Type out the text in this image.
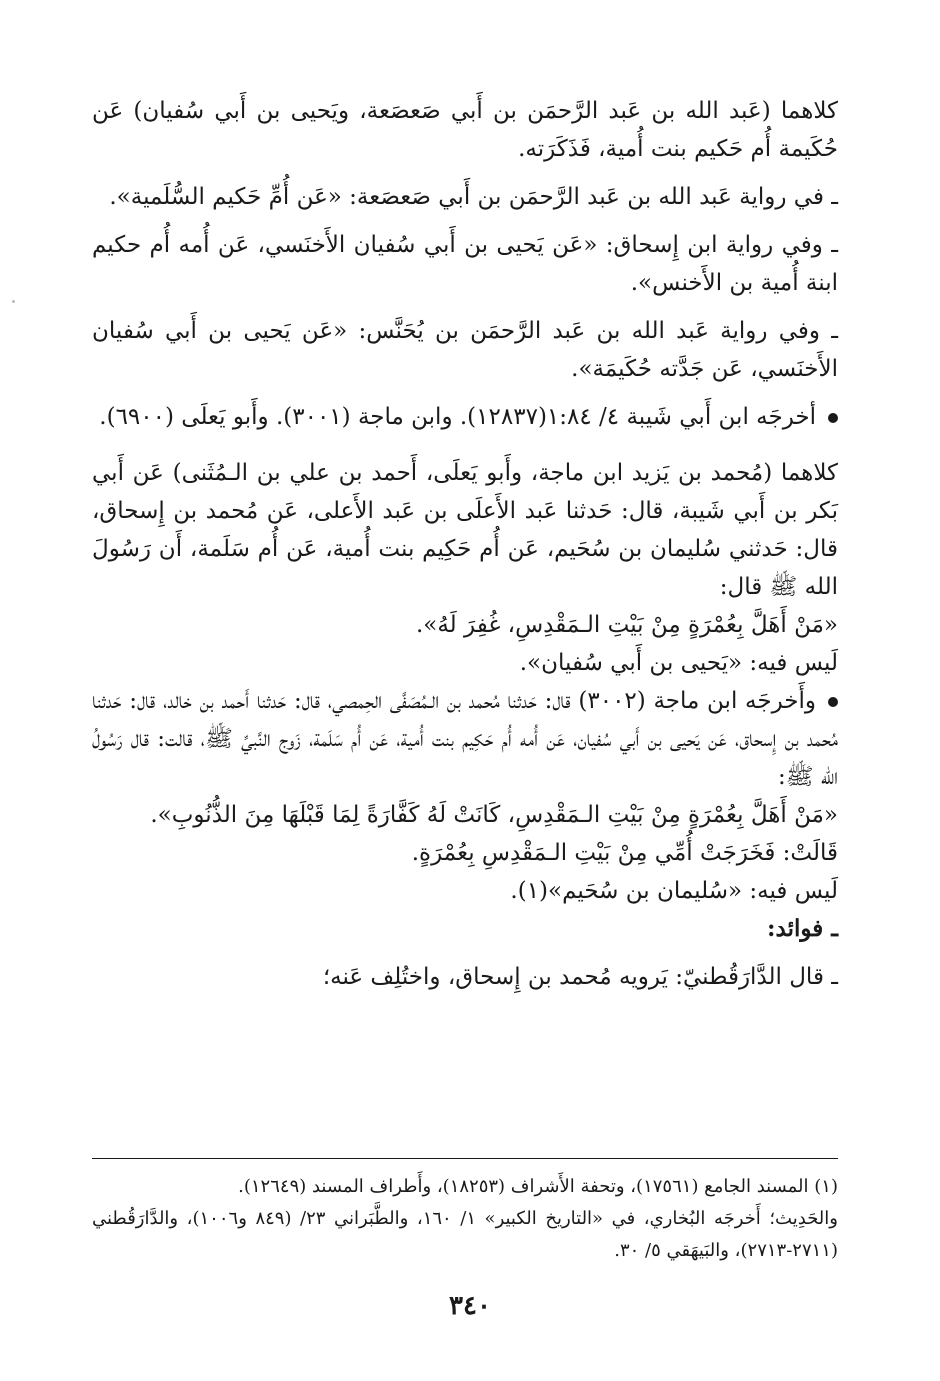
كلاهما (عَبد الله بن عَبد الرَّحمَن بن أَبي صَعصَعة، ويَحيى بن أَبي سُفيان) عَن حُكَيمة أُم حَكيم بنت أُمية، فَذَكَرَته.

ـ في رواية عَبد الله بن عَبد الرَّحمَن بن أَبي صَعصَعة: «عَن أُمِّ حَكيم السُّلَمية».

ـ وفي رواية ابن إِسحاق: «عَن يَحيى بن أَبي سُفيان الأَخنَسي، عَن أُمه أُم حكيم ابنة أُمية بن الأَخنس».

ـ وفي رواية عَبد الله بن عَبد الرَّحمَن بن يُحَنَّس: «عَن يَحيى بن أَبي سُفيان الأَخنَسي، عَن جَدَّته حُكَيمَة».

أخرجَه ابن أَبي شَيبة ٤/ ١:٨٤(١٢٨٣٧). وابن ماجة (٣٠٠١). وأَبو يَعلَى (٦٩٠٠).

كلاهما (مُحمد بن يَزيد ابن ماجة، وأَبو يَعلَى، أَحمد بن علي بن الـمُثَنى) عَن أَبي بَكر بن أَبي شَيبة، قال: حَدثنا عَبد الأَعلَى بن عَبد الأَعلى، عَن مُحمد بن إِسحاق، قال: حَدثني سُليمان بن سُحَيم، عَن أُم حَكِيم بنت أُمية، عَن أُم سَلَمة، أَن رَسُولَ الله ﷺ قال:

«مَنْ أَهَلَّ بِعُمْرَةٍ مِنْ بَيْتِ الـمَقْدِسِ، غُفِرَ لَهُ».

لَيس فيه: «يَحيى بن أَبي سُفيان».

وأَخرجَه ابن ماجة (٣٠٠٢) قال: حَدثنا مُحمد بن الـمُصَفَّى الحِمصي، قال: حَدثنا أَحمد بن خالد، قال: حَدثنا مُحمد بن إِسحاق، عَن يَحيى بن أَبي سُفيان، عَن أُمه أُم حَكِيم بنت أُمية، عَن أُم سَلَمة، زَوج النَّبيِّ ﷺ، قالت: قال رَسُولُ الله ﷺ:

«مَنْ أَهَلَّ بِعُمْرَةٍ مِنْ بَيْتِ الـمَقْدِسِ، كَانَتْ لَهُ كَفَّارَةً لِمَا قَبْلَهَا مِنَ الذُّنُوبِ».

قَالَتْ: فَخَرَجَتْ أُمِّي مِنْ بَيْتِ الـمَقْدِسِ بِعُمْرَةٍ.

لَيس فيه: «سُليمان بن سُحَيم»(١).

ـ فوائد:

ـ قال الدَّارَقُطنيّ: يَرويه مُحمد بن إِسحاق، واختُلِف عَنه؛

(١) المسند الجامع (١٧٥٦١)، وتحفة الأَشراف (١٨٢٥٣)، وأَطراف المسند (١٢٦٤٩).

والحَدِيث؛ أَخرجَه البُخاري، في «التاريخ الكبير» ١/ ١٦٠، والطَّبَراني ٢٣/ (٨٤٩ و١٠٠٦)، والدَّارَقُطني (٢٧١١-٢٧١٣)، والبَيهَقي ٥/ ٣٠.

٣٤٠
